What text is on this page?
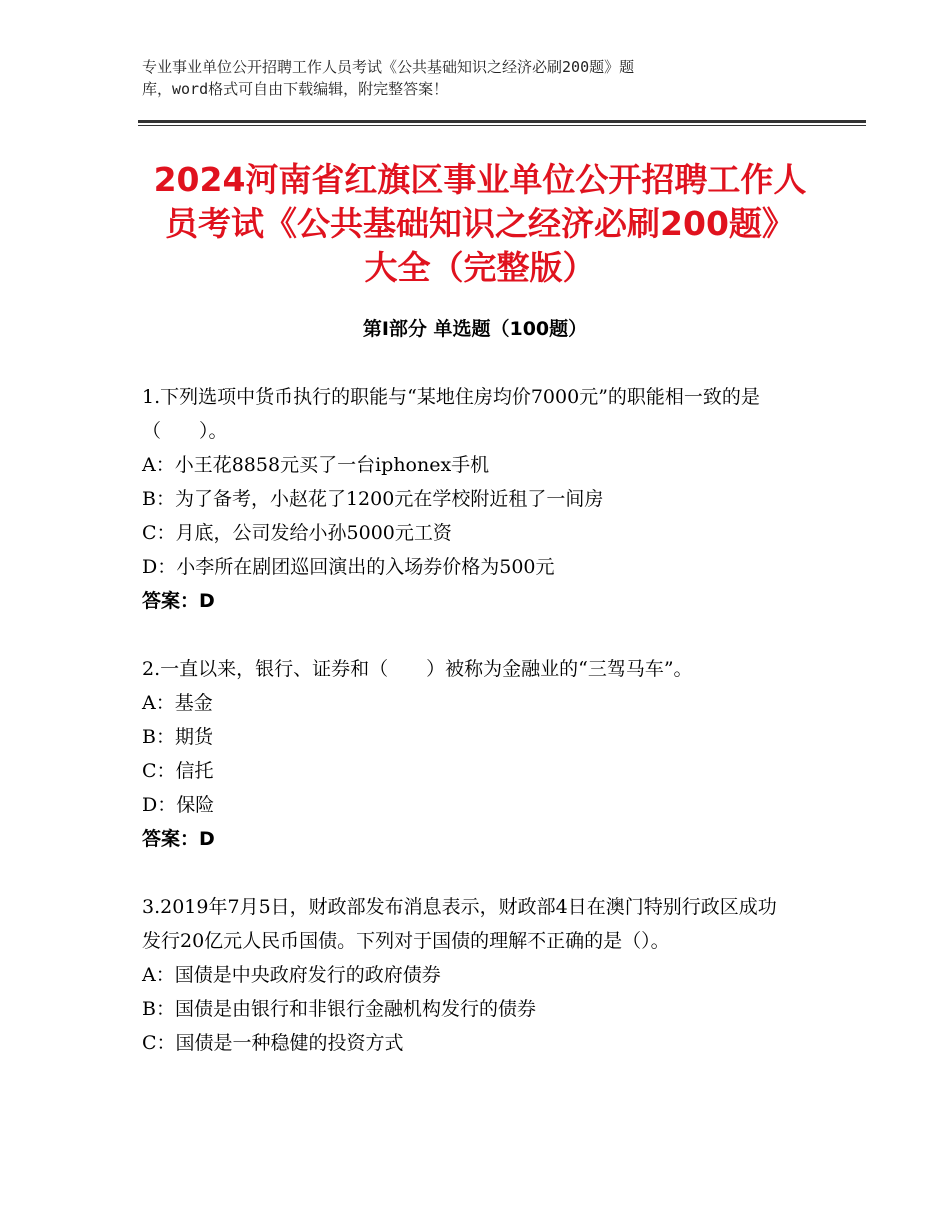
专业事业单位公开招聘工作人员考试《公共基础知识之经济必刷200题》题
库，word格式可自由下载编辑，附完整答案！
2024河南省红旗区事业单位公开招聘工作人
员考试《公共基础知识之经济必刷200题》
大全（完整版）
第Ⅰ部分 单选题（100题）

1.下列选项中货币执行的职能与“某地住房均价7000元”的职能相一致的是（　　）。

A：小王花8858元买了一台iphonex手机

B：为了备考，小赵花了1200元在学校附近租了一间房

C：月底，公司发给小孙5000元工资

D：小李所在剧团巡回演出的入场券价格为500元

答案：D

2.一直以来，银行、证券和（　　）被称为金融业的“三驾马车”。

A：基金

B：期货

C：信托

D：保险

答案：D

3.2019年7月5日，财政部发布消息表示，财政部4日在澳门特别行政区成功发行20亿元人民币国债。下列对于国债的理解不正确的是（）。

A：国债是中央政府发行的政府债券

B：国债是由银行和非银行金融机构发行的债券

C：国债是一种稳健的投资方式
